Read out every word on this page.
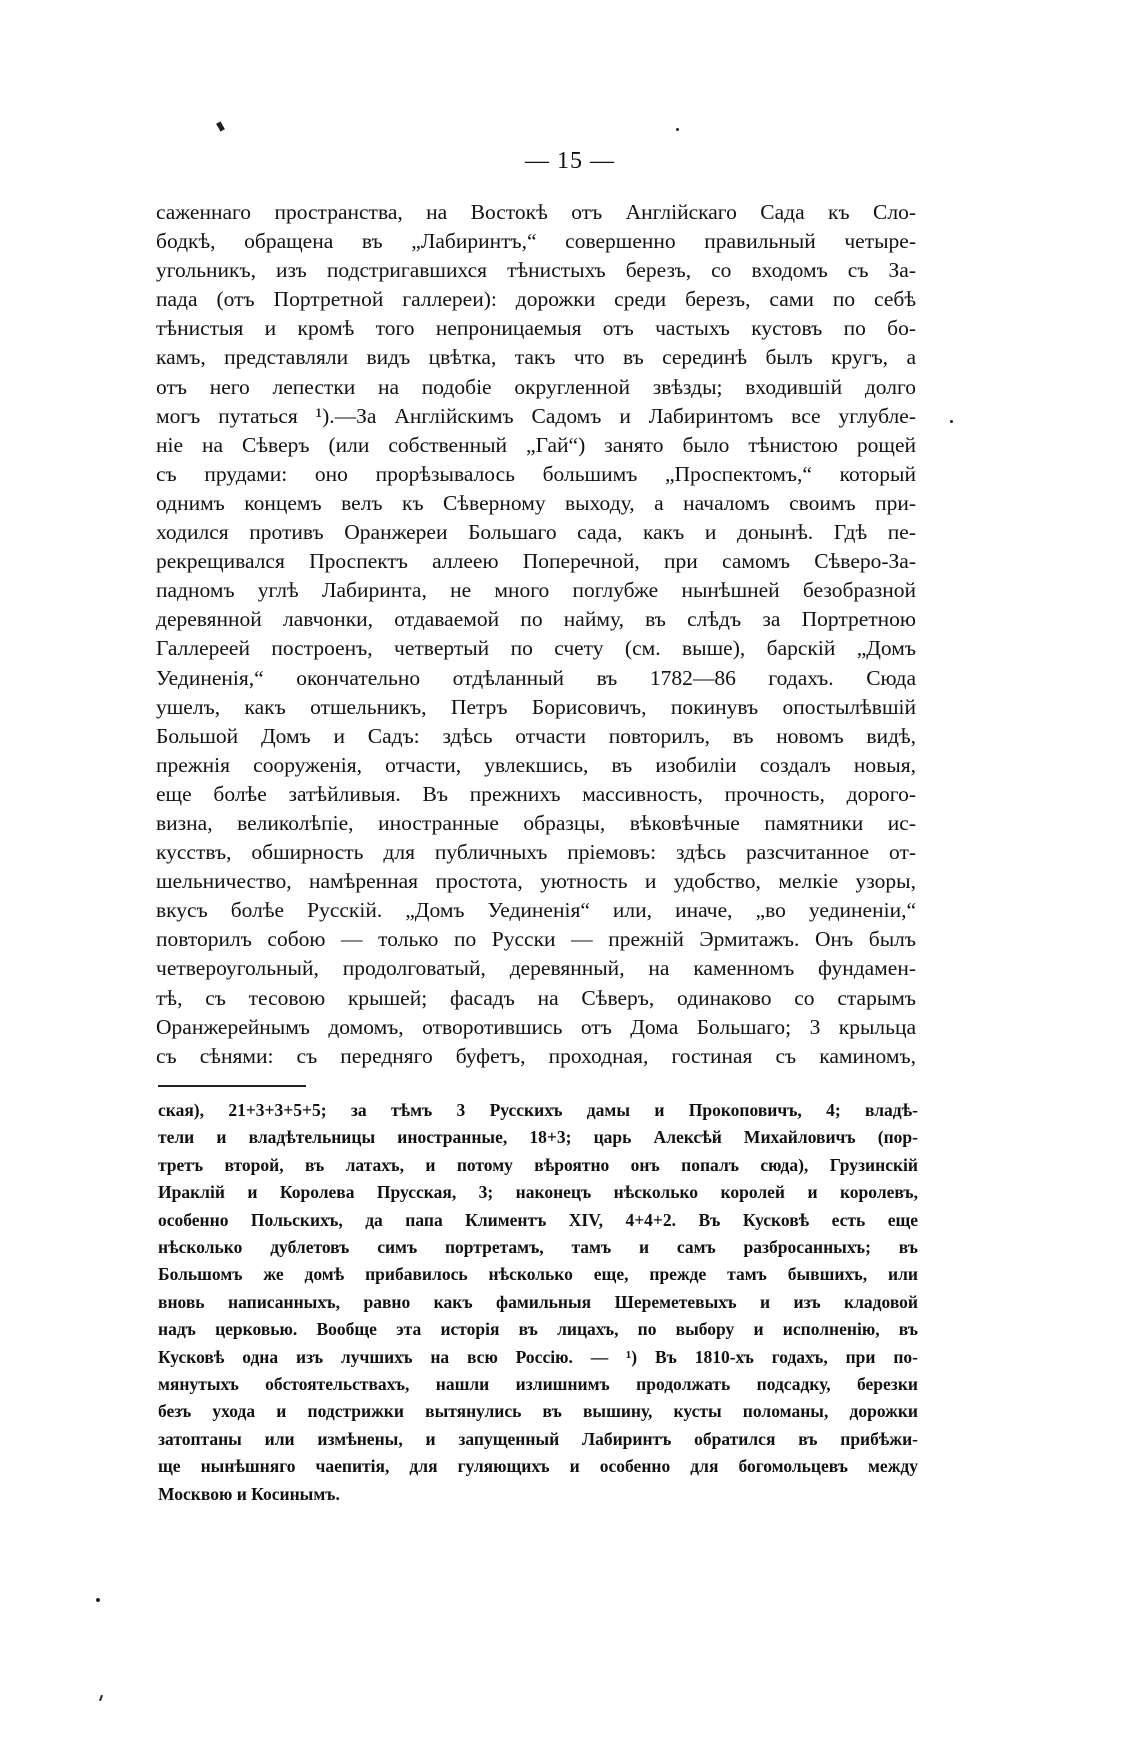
— 15 —
саженнаго пространства, на Востокѣ отъ Англійскаго Сада къ Сло-
бодкѣ, обращена въ „Лабиринтъ,“ совершенно правильный четыре-
угольникъ, изъ подстригавшихся тѣнистыхъ березъ, со входомъ съ За-
пада (отъ Портретной галлереи): дорожки среди березъ, сами по себѣ
тѣнистыя и кромѣ того непроницаемыя отъ частыхъ кустовъ по бо-
камъ, представляли видъ цвѣтка, такъ что въ серединѣ былъ кругъ, а
отъ него лепестки на подобіе округленной звѣзды; входившій долго
могъ путаться ¹).—За Англійскимъ Садомъ и Лабиринтомъ все углубле-
ніе на Сѣверъ (или собственный „Гай“) занято было тѣнистою рощей
съ прудами: оно прорѣзывалось большимъ „Проспектомъ,“ который
однимъ концемъ велъ къ Сѣверному выходу, а началомъ своимъ при-
ходился противъ Оранжереи Большаго сада, какъ и донынѣ. Гдѣ пе-
рекрещивался Проспектъ аллеею Поперечной, при самомъ Сѣверо-За-
падномъ углѣ Лабиринта, не много поглубже нынѣшней безобразной
деревянной лавчонки, отдаваемой по найму, въ слѣдъ за Портретною
Галлереей построенъ, четвертый по счету (см. выше), барскій „Домъ
Уединенія,“ окончательно отдѣланный въ 1782—86 годахъ. Сюда
ушелъ, какъ отшельникъ, Петръ Борисовичъ, покинувъ опостылѣвшій
Большой Домъ и Садъ: здѣсь отчасти повторилъ, въ новомъ видѣ,
прежнія сооруженія, отчасти, увлекшись, въ изобиліи создалъ новыя,
еще болѣе затѣйливыя. Въ прежнихъ массивность, прочность, дорого-
визна, великолѣпіе, иностранные образцы, вѣковѣчные памятники ис-
кусствъ, обширность для публичныхъ пріемовъ: здѣсь разсчитанное от-
шельничество, намѣренная простота, уютность и удобство, мелкіе узоры,
вкусъ болѣе Русскій. „Домъ Уединенія“ или, иначе, „во уединеніи,“
повторилъ собою — только по Русски — прежній Эрмитажъ. Онъ былъ
четвероугольный, продолговатый, деревянный, на каменномъ фундамен-
тѣ, съ тесовою крышей; фасадъ на Сѣверъ, одинаково со старымъ
Оранжерейнымъ домомъ, отворотившись отъ Дома Большаго; 3 крыльца
съ сѣнями: съ передняго буфетъ, проходная, гостиная съ каминомъ,
ская), 21+3+3+5+5; за тѣмъ 3 Русскихъ дамы и Прокоповичъ, 4; владѣ-
тели и владѣтельницы иностранные, 18+3; царь Алексѣй Михайловичъ (пор-
третъ второй, въ латахъ, и потому вѣроятно онъ попалъ сюда), Грузинскій
Ираклій и Королева Прусская, 3; наконецъ нѣсколько королей и королевъ,
особенно Польскихъ, да папа Климентъ XIV, 4+4+2. Въ Кусковѣ есть еще
нѣсколько дублетовъ симъ портретамъ, тамъ и самъ разбросанныхъ; въ
Большомъ же домѣ прибавилось нѣсколько еще, прежде тамъ бывшихъ, или
вновь написанныхъ, равно какъ фамильныя Шереметевыхъ и изъ кладовой
надъ церковью. Вообще эта исторія въ лицахъ, по выбору и исполненію, въ
Кусковѣ одна изъ лучшихъ на всю Россію. — ¹) Въ 1810-хъ годахъ, при по-
мянутыхъ обстоятельствахъ, нашли излишнимъ продолжать подсадку, березки
безъ ухода и подстрижки вытянулись въ вышину, кусты поломаны, дорожки
затоптаны или измѣнены, и запущенный Лабиринтъ обратился въ прибѣжи-
ще нынѣшняго чаепитія, для гуляющихъ и особенно для богомольцевъ между
Москвою и Косинымъ.
